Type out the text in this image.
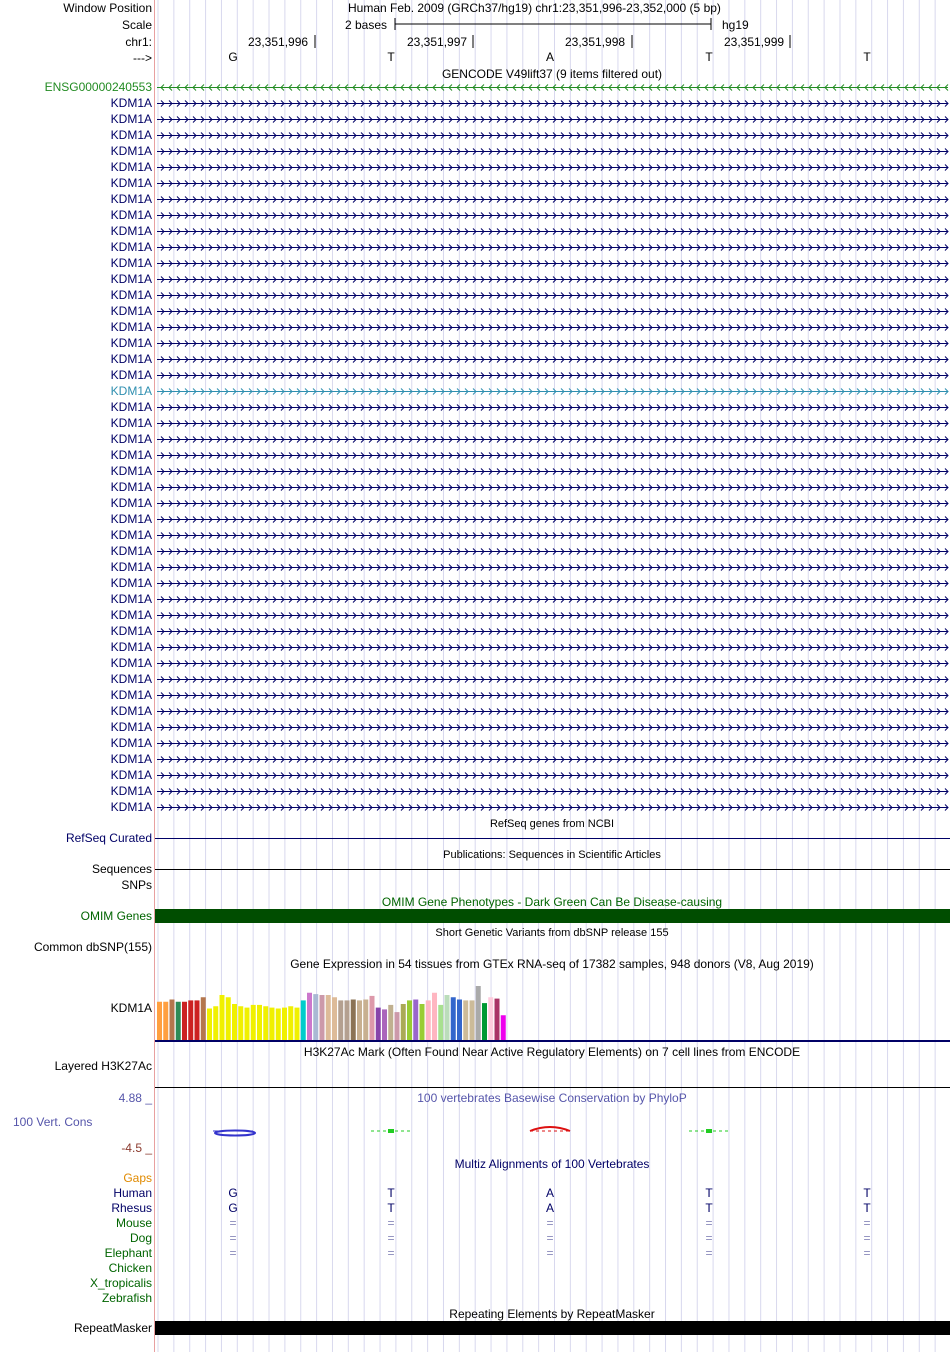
Window Position
Scale
chr1:
--->
Human Feb. 2009 (GRCh37/hg19) chr1:23,351,996-23,352,000 (5 bp)
2 bases	hg19
23,351,996	23,351,997	23,351,998	23,351,999
G	T	A	T	T
GENCODE V49lift37 (9 items filtered out)
ENSG00000240553
KDM1A
KDM1A
KDM1A
KDM1A
KDM1A
KDM1A
KDM1A
KDM1A
KDM1A
KDM1A
KDM1A
KDM1A
KDM1A
KDM1A
KDM1A
KDM1A
KDM1A
KDM1A
KDM1A
KDM1A
KDM1A
KDM1A
KDM1A
KDM1A
KDM1A
KDM1A
KDM1A
KDM1A
KDM1A
KDM1A
KDM1A
KDM1A
KDM1A
KDM1A
KDM1A
KDM1A
KDM1A
KDM1A
KDM1A
KDM1A
KDM1A
KDM1A
KDM1A
KDM1A
KDM1A
RefSeq genes from NCBI
RefSeq Curated
Publications: Sequences in Scientific Articles
Sequences
SNPs
OMIM Gene Phenotypes - Dark Green Can Be Disease-causing
OMIM Genes
Short Genetic Variants from dbSNP release 155
Common dbSNP(155)
Gene Expression in 54 tissues from GTEx RNA-seq of 17382 samples, 948 donors (V8, Aug 2019)
KDM1A
H3K27Ac Mark (Often Found Near Active Regulatory Elements) on 7 cell lines from ENCODE
Layered H3K27Ac
100 vertebrates Basewise Conservation by PhyloP
4.88 _
100 Vert. Cons
-4.5 _
Multiz Alignments of 100 Vertebrates
Gaps
Human	G	T	A	T	T
Rhesus	G	T	A	T	T
Mouse	=	=	=	=	=
Dog	=	=	=	=	=
Elephant	=	=	=	=	=
Chicken
X_tropicalis
Zebrafish
Repeating Elements by RepeatMasker
RepeatMasker
